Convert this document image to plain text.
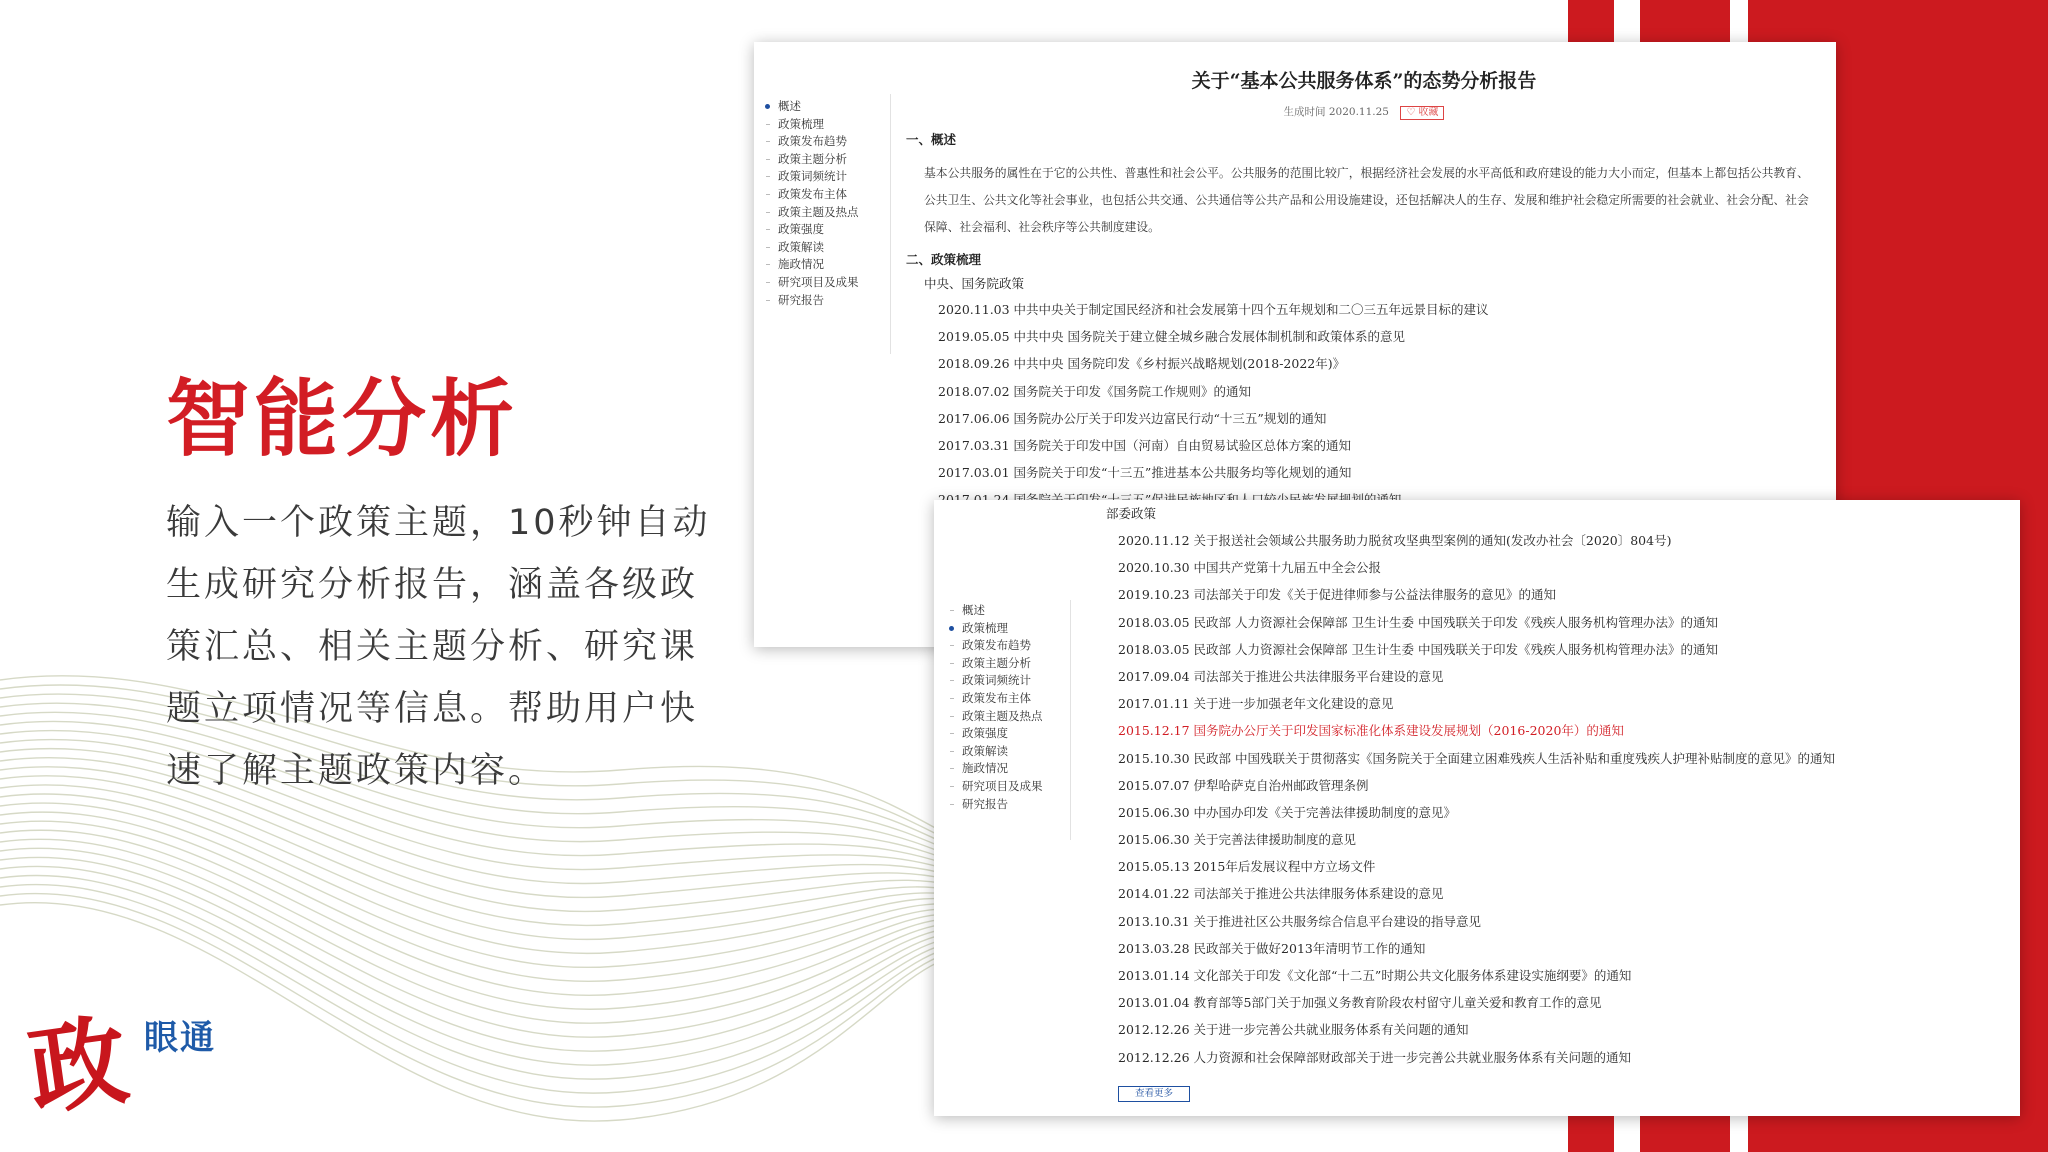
智能分析
输入一个政策主题，10秒钟自动生成研究分析报告，涵盖各级政策汇总、相关主题分析、研究课题立项情况等信息。帮助用户快速了解主题政策内容。
政 眼通
概述
政策梳理
政策发布趋势
政策主题分析
政策词频统计
政策发布主体
政策主题及热点
政策强度
政策解读
施政情况
研究项目及成果
研究报告
关于“基本公共服务体系”的态势分析报告
生成时间 2020.11.25 ♡ 收藏
一、概述
基本公共服务的属性在于它的公共性、普惠性和社会公平。公共服务的范围比较广，根据经济社会发展的水平高低和政府建设的能力大小而定，但基本上都包括公共教育、公共卫生、公共文化等社会事业，也包括公共交通、公共通信等公共产品和公用设施建设，还包括解决人的生存、发展和维护社会稳定所需要的社会就业、社会分配、社会保障、社会福利、社会秩序等公共制度建设。
二、政策梳理
中央、国务院政策
2020.11.03 中共中央关于制定国民经济和社会发展第十四个五年规划和二〇三五年远景目标的建议
2019.05.05 中共中央 国务院关于建立健全城乡融合发展体制机制和政策体系的意见
2018.09.26 中共中央 国务院印发《乡村振兴战略规划(2018-2022年)》
2018.07.02 国务院关于印发《国务院工作规则》的通知
2017.06.06 国务院办公厅关于印发兴边富民行动“十三五”规划的通知
2017.03.31 国务院关于印发中国（河南）自由贸易试验区总体方案的通知
2017.03.01 国务院关于印发“十三五”推进基本公共服务均等化规划的通知
部委政策
概述
政策梳理
政策发布趋势
政策主题分析
政策词频统计
政策发布主体
政策主题及热点
政策强度
政策解读
施政情况
研究项目及成果
研究报告
2020.11.12 关于报送社会领域公共服务助力脱贫攻坚典型案例的通知(发改办社会〔2020〕804号)
2020.10.30 中国共产党第十九届五中全会公报
2019.10.23 司法部关于印发《关于促进律师参与公益法律服务的意见》的通知
2018.03.05 民政部 人力资源社会保障部 卫生计生委 中国残联关于印发《残疾人服务机构管理办法》的通知
2018.03.05 民政部 人力资源社会保障部 卫生计生委 中国残联关于印发《残疾人服务机构管理办法》的通知
2017.09.04 司法部关于推进公共法律服务平台建设的意见
2017.01.11 关于进一步加强老年文化建设的意见
2015.12.17 国务院办公厅关于印发国家标准化体系建设发展规划（2016-2020年）的通知
2015.10.30 民政部 中国残联关于贯彻落实《国务院关于全面建立困难残疾人生活补贴和重度残疾人护理补贴制度的意见》的通知
2015.07.07 伊犁哈萨克自治州邮政管理条例
2015.06.30 中办国办印发《关于完善法律援助制度的意见》
2015.06.30 关于完善法律援助制度的意见
2015.05.13 2015年后发展议程中方立场文件
2014.01.22 司法部关于推进公共法律服务体系建设的意见
2013.10.31 关于推进社区公共服务综合信息平台建设的指导意见
2013.03.28 民政部关于做好2013年清明节工作的通知
2013.01.14 文化部关于印发《文化部“十二五”时期公共文化服务体系建设实施纲要》的通知
2013.01.04 教育部等5部门关于加强义务教育阶段农村留守儿童关爱和教育工作的意见
2012.12.26 关于进一步完善公共就业服务体系有关问题的通知
2012.12.26 人力资源和社会保障部财政部关于进一步完善公共就业服务体系有关问题的通知
查看更多
